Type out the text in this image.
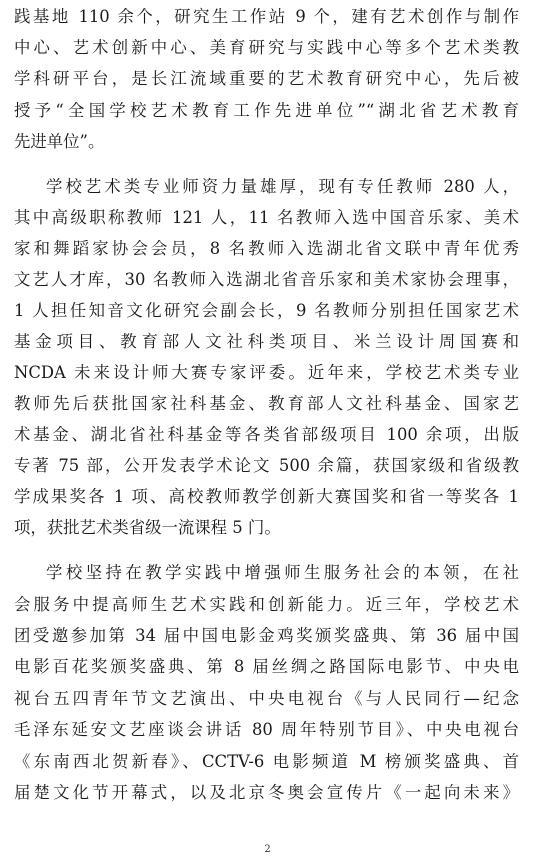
践基地 110 余个，研究生工作站 9 个，建有艺术创作与制作
中心、艺术创新中心、美育研究与实践中心等多个艺术类教
学科研平台，是长江流域重要的艺术教育研究中心，先后被
授予“全国学校艺术教育工作先进单位”“湖北省艺术教育
先进单位”。
学校艺术类专业师资力量雄厚，现有专任教师 280 人，
其中高级职称教师 121 人，11 名教师入选中国音乐家、美术
家和舞蹈家协会会员，8 名教师入选湖北省文联中青年优秀
文艺人才库，30 名教师入选湖北省音乐家和美术家协会理事，
1 人担任知音文化研究会副会长，9 名教师分别担任国家艺术
基金项目、教育部人文社科类项目、米兰设计周国赛和
NCDA 未来设计师大赛专家评委。近年来，学校艺术类专业
教师先后获批国家社科基金、教育部人文社科基金、国家艺
术基金、湖北省社科基金等各类省部级项目 100 余项，出版
专著 75 部，公开发表学术论文 500 余篇，获国家级和省级教
学成果奖各 1 项、高校教师教学创新大赛国奖和省一等奖各 1
项，获批艺术类省级一流课程 5 门。
学校坚持在教学实践中增强师生服务社会的本领，在社
会服务中提高师生艺术实践和创新能力。近三年，学校艺术
团受邀参加第 34 届中国电影金鸡奖颁奖盛典、第 36 届中国
电影百花奖颁奖盛典、第 8 届丝绸之路国际电影节、中央电
视台五四青年节文艺演出、中央电视台《与人民同行—纪念
毛泽东延安文艺座谈会讲话 80 周年特别节目》、中央电视台
《东南西北贺新春》、CCTV-6 电影频道 M 榜颁奖盛典、首
届楚文化节开幕式，以及北京冬奥会宣传片《一起向未来》
2
